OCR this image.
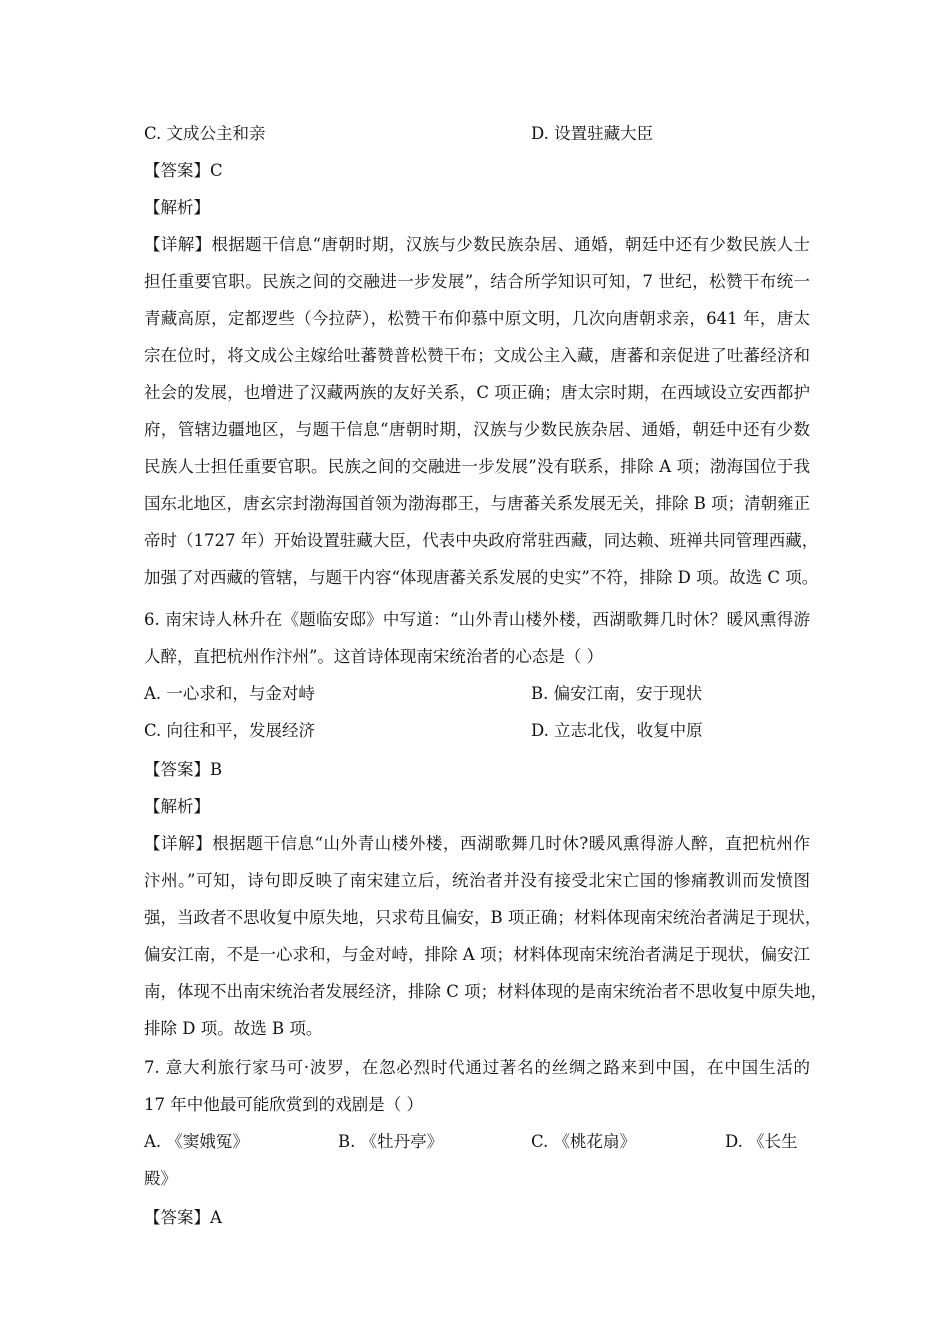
C. 文成公主和亲	D. 设置驻藏大臣
【答案】C
【解析】
【详解】根据题干信息“唐朝时期，汉族与少数民族杂居、通婚，朝廷中还有少数民族人士
担任重要官职。民族之间的交融进一步发展”，结合所学知识可知，7 世纪，松赞干布统一
青藏高原，定都逻些（今拉萨），松赞干布仰慕中原文明，几次向唐朝求亲，641 年，唐太
宗在位时，将文成公主嫁给吐蕃赞普松赞干布；文成公主入藏，唐蕃和亲促进了吐蕃经济和
社会的发展，也增进了汉藏两族的友好关系，C 项正确；唐太宗时期，在西域设立安西都护
府，管辖边疆地区，与题干信息“唐朝时期，汉族与少数民族杂居、通婚，朝廷中还有少数
民族人士担任重要官职。民族之间的交融进一步发展”没有联系，排除 A 项；渤海国位于我
国东北地区，唐玄宗封渤海国首领为渤海郡王，与唐蕃关系发展无关，排除 B 项；清朝雍正
帝时（1727 年）开始设置驻藏大臣，代表中央政府常驻西藏，同达赖、班禅共同管理西藏，
加强了对西藏的管辖，与题干内容“体现唐蕃关系发展的史实”不符，排除 D 项。故选 C 项。
6. 南宋诗人林升在《题临安邸》中写道：“山外青山楼外楼，西湖歌舞几时休？暖风熏得游
人醉，直把杭州作汴州”。这首诗体现南宋统治者的心态是（ ）
A. 一心求和，与金对峙	B. 偏安江南，安于现状
C. 向往和平，发展经济	D. 立志北伐，收复中原
【答案】B
【解析】
【详解】根据题干信息“山外青山楼外楼，西湖歌舞几时休?暖风熏得游人醉，直把杭州作
汴州。”可知，诗句即反映了南宋建立后，统治者并没有接受北宋亡国的惨痛教训而发愤图
强，当政者不思收复中原失地，只求苟且偏安，B 项正确；材料体现南宋统治者满足于现状，
偏安江南，不是一心求和，与金对峙，排除 A 项；材料体现南宋统治者满足于现状，偏安江
南，体现不出南宋统治者发展经济，排除 C 项；材料体现的是南宋统治者不思收复中原失地，
排除 D 项。故选 B 项。
7. 意大利旅行家马可·波罗，在忽必烈时代通过著名的丝绸之路来到中国，在中国生活的
17 年中他最可能欣赏到的戏剧是（ ）
A. 《窦娥冤》	B. 《牡丹亭》	C. 《桃花扇》	D. 《长生
殿》
【答案】A
